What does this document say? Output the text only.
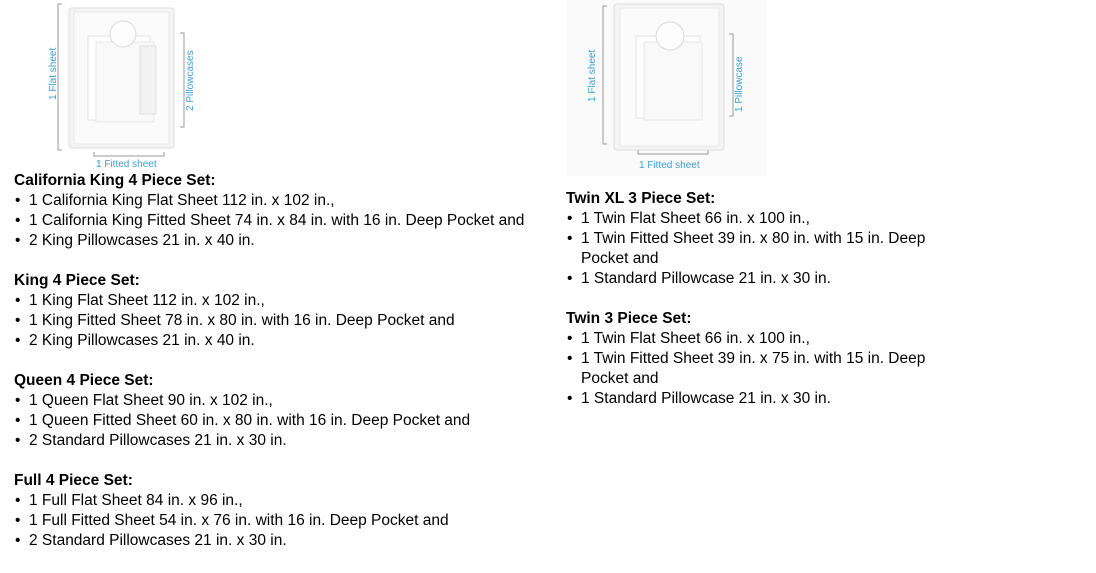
1 Flat sheet	2 Pillowcases
1 Fitted sheet
1 Flat sheet	1 Pillowcase
1 Fitted sheet

California King 4 Piece Set:

• 1 California King Flat Sheet 112 in. x 102 in.,
• 1 California King Fitted Sheet 74 in. x 84 in. with 16 in. Deep Pocket and
• 2 King Pillowcases 21 in. x 40 in.

King 4 Piece Set:

• 1 King Flat Sheet 112 in. x 102 in.,
• 1 King Fitted Sheet 78 in. x 80 in. with 16 in. Deep Pocket and
• 2 King Pillowcases 21 in. x 40 in.

Queen 4 Piece Set:

• 1 Queen Flat Sheet 90 in. x 102 in.,
• 1 Queen Fitted Sheet 60 in. x 80 in. with 16 in. Deep Pocket and
• 2 Standard Pillowcases 21 in. x 30 in.

Full 4 Piece Set:

• 1 Full Flat Sheet 84 in. x 96 in.,
• 1 Full Fitted Sheet 54 in. x 76 in. with 16 in. Deep Pocket and
• 2 Standard Pillowcases 21 in. x 30 in.

Twin XL 3 Piece Set:

• 1 Twin Flat Sheet 66 in. x 100 in.,
• 1 Twin Fitted Sheet 39 in. x 80 in. with 15 in. Deep Pocket and
• 1 Standard Pillowcase 21 in. x 30 in.

Twin 3 Piece Set:

• 1 Twin Flat Sheet 66 in. x 100 in.,
• 1 Twin Fitted Sheet 39 in. x 75 in. with 15 in. Deep Pocket and
• 1 Standard Pillowcase 21 in. x 30 in.
